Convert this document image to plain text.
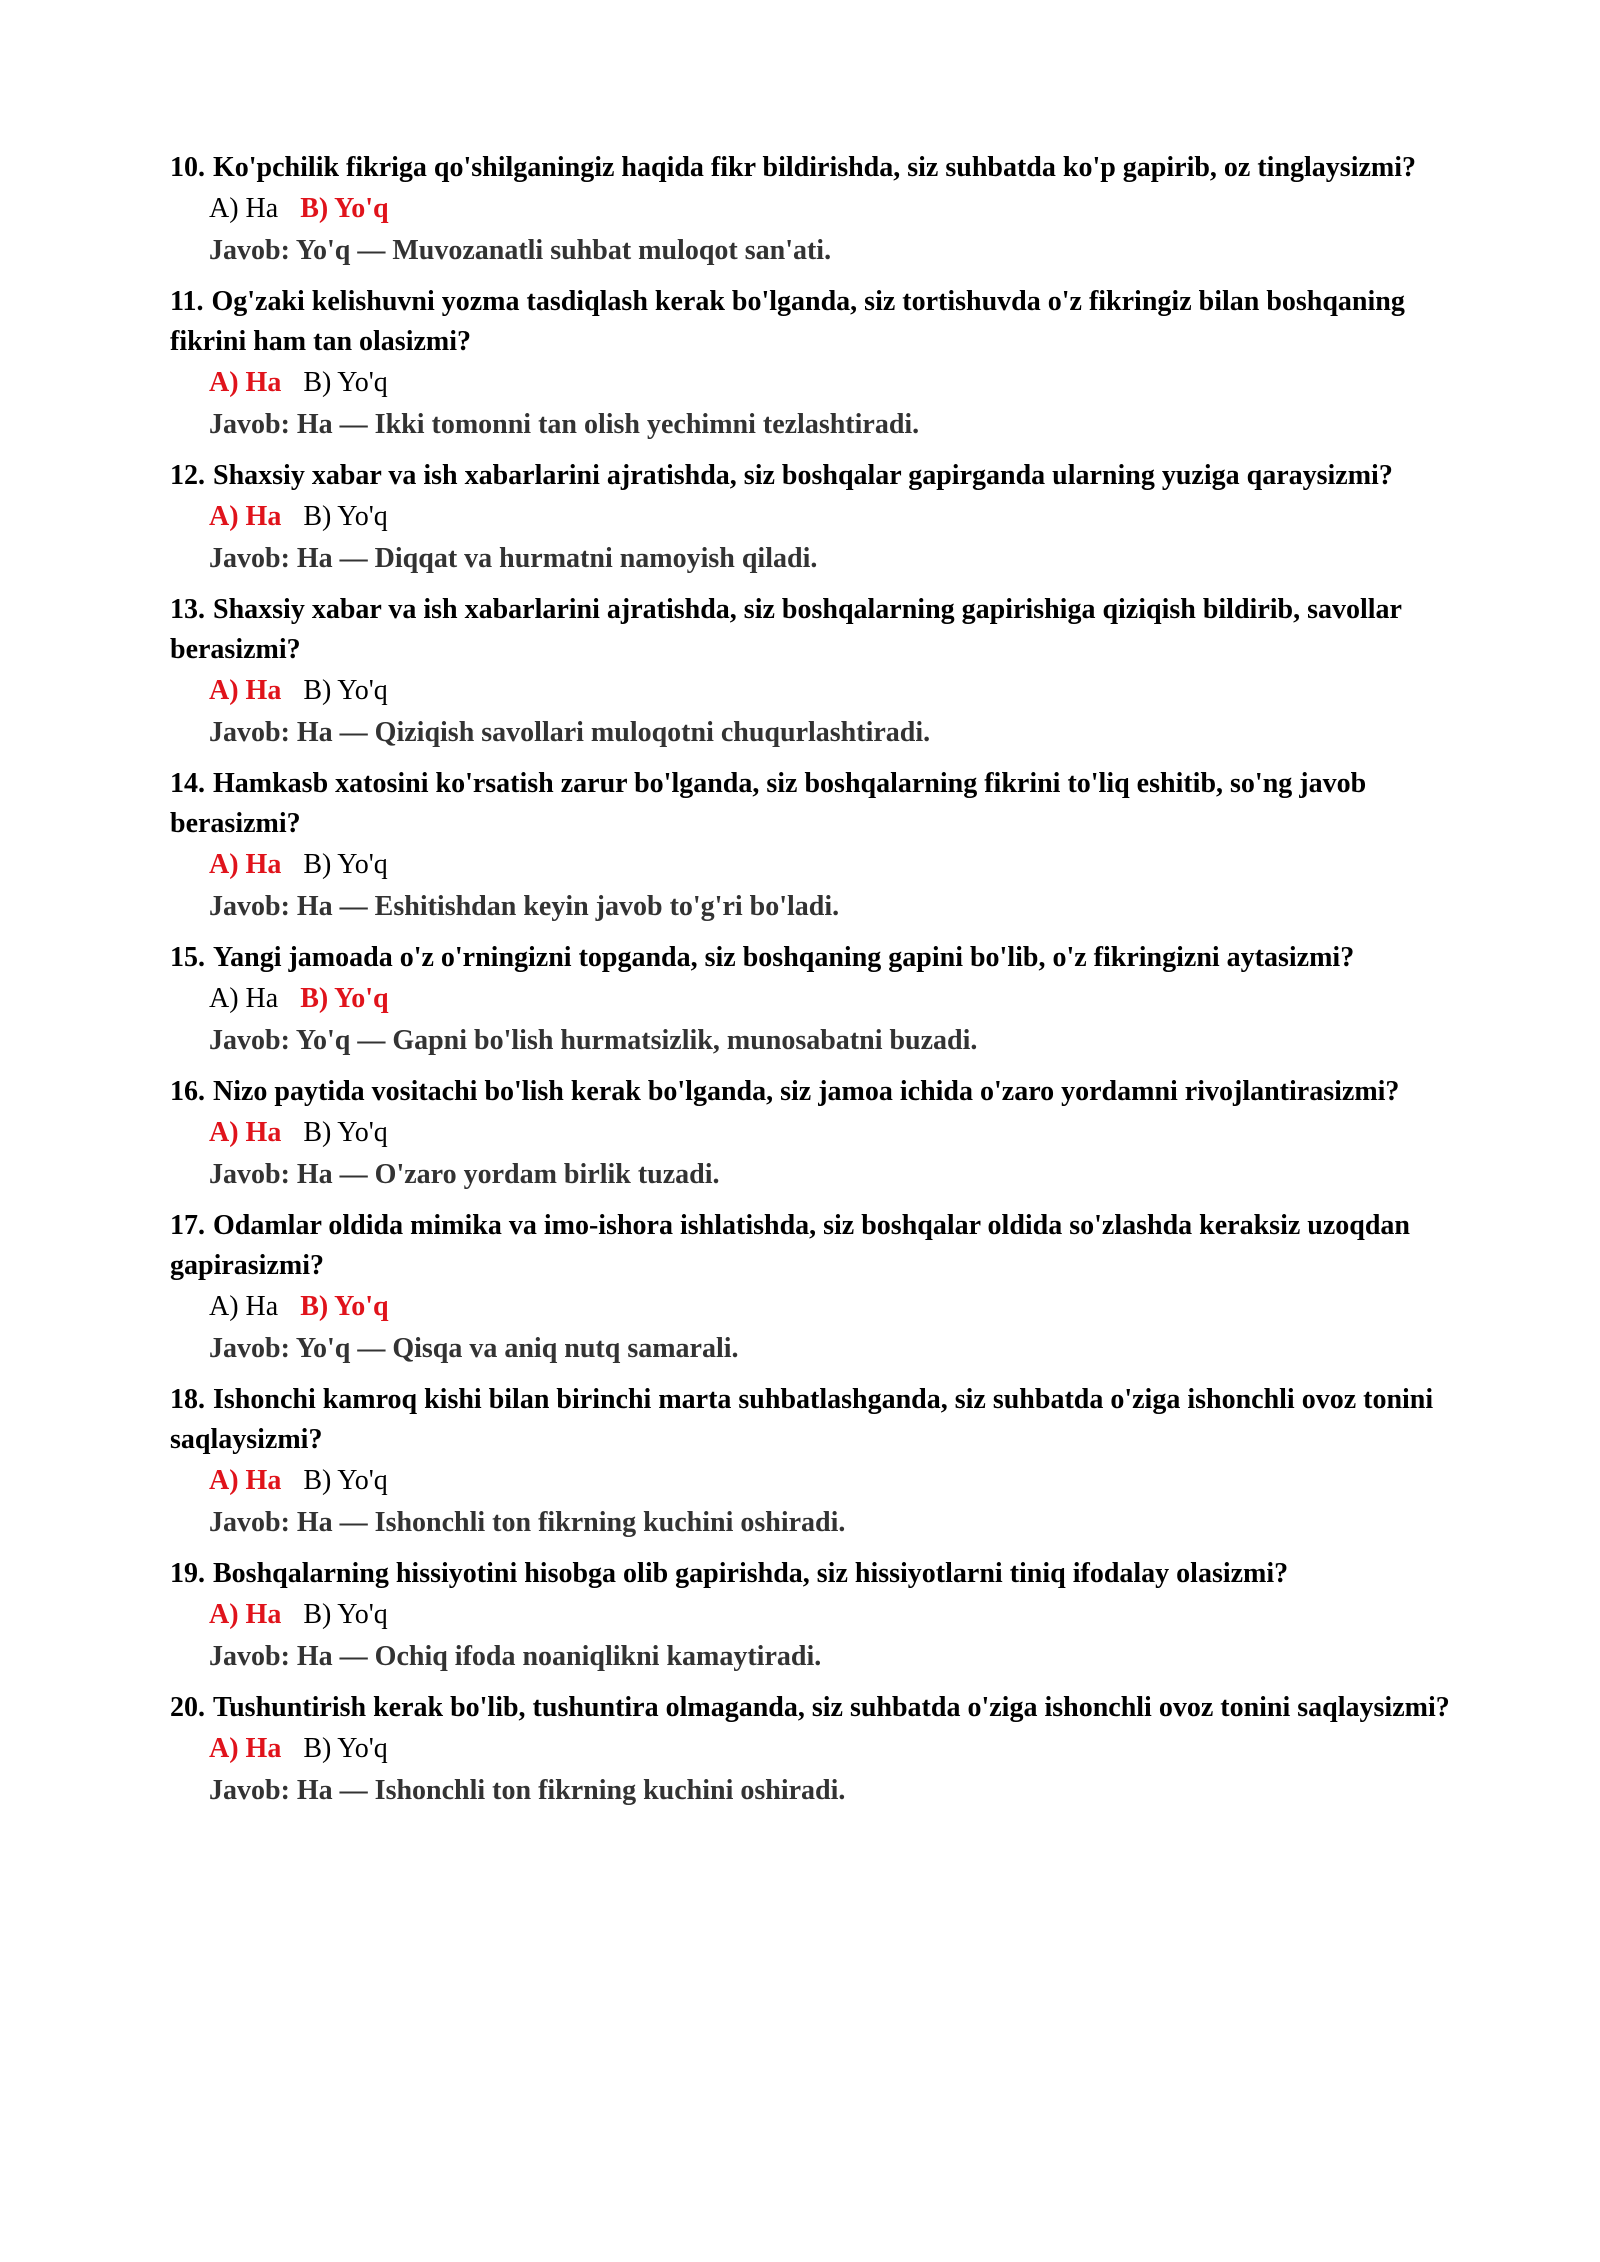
10. Ko'pchilik fikriga qo'shilganingiz haqida fikr bildirishda, siz suhbatda ko'p gapirib, oz tinglaysizmi?
A) Ha B) Yo'q
Javob: Yo'q — Muvozanatli suhbat muloqot san'ati.
11. Og'zaki kelishuvni yozma tasdiqlash kerak bo'lganda, siz tortishuvda o'z fikringiz bilan boshqaning fikrini ham tan olasizmi?
A) Ha B) Yo'q
Javob: Ha — Ikki tomonni tan olish yechimni tezlashtiradi.
12. Shaxsiy xabar va ish xabarlarini ajratishda, siz boshqalar gapirganda ularning yuziga qaraysizmi?
A) Ha B) Yo'q
Javob: Ha — Diqqat va hurmatni namoyish qiladi.
13. Shaxsiy xabar va ish xabarlarini ajratishda, siz boshqalarning gapirishiga qiziqish bildirib, savollar berasizmi?
A) Ha B) Yo'q
Javob: Ha — Qiziqish savollari muloqotni chuqurlashtiradi.
14. Hamkasb xatosini ko'rsatish zarur bo'lganda, siz boshqalarning fikrini to'liq eshitib, so'ng javob berasizmi?
A) Ha B) Yo'q
Javob: Ha — Eshitishdan keyin javob to'g'ri bo'ladi.
15. Yangi jamoada o'z o'rningizni topganda, siz boshqaning gapini bo'lib, o'z fikringizni aytasizmi?
A) Ha B) Yo'q
Javob: Yo'q — Gapni bo'lish hurmatsizlik, munosabatni buzadi.
16. Nizo paytida vositachi bo'lish kerak bo'lganda, siz jamoa ichida o'zaro yordamni rivojlantirasizmi?
A) Ha B) Yo'q
Javob: Ha — O'zaro yordam birlik tuzadi.
17. Odamlar oldida mimika va imo-ishora ishlatishda, siz boshqalar oldida so'zlashda keraksiz uzoqdan gapirasizmi?
A) Ha B) Yo'q
Javob: Yo'q — Qisqa va aniq nutq samarali.
18. Ishonchi kamroq kishi bilan birinchi marta suhbatlashganda, siz suhbatda o'ziga ishonchli ovoz tonini saqlaysizmi?
A) Ha B) Yo'q
Javob: Ha — Ishonchli ton fikrning kuchini oshiradi.
19. Boshqalarning hissiyotini hisobga olib gapirishda, siz hissiyotlarni tiniq ifodalay olasizmi?
A) Ha B) Yo'q
Javob: Ha — Ochiq ifoda noaniqlikni kamaytiradi.
20. Tushuntirish kerak bo'lib, tushuntira olmaganda, siz suhbatda o'ziga ishonchli ovoz tonini saqlaysizmi?
A) Ha B) Yo'q
Javob: Ha — Ishonchli ton fikrning kuchini oshiradi.
